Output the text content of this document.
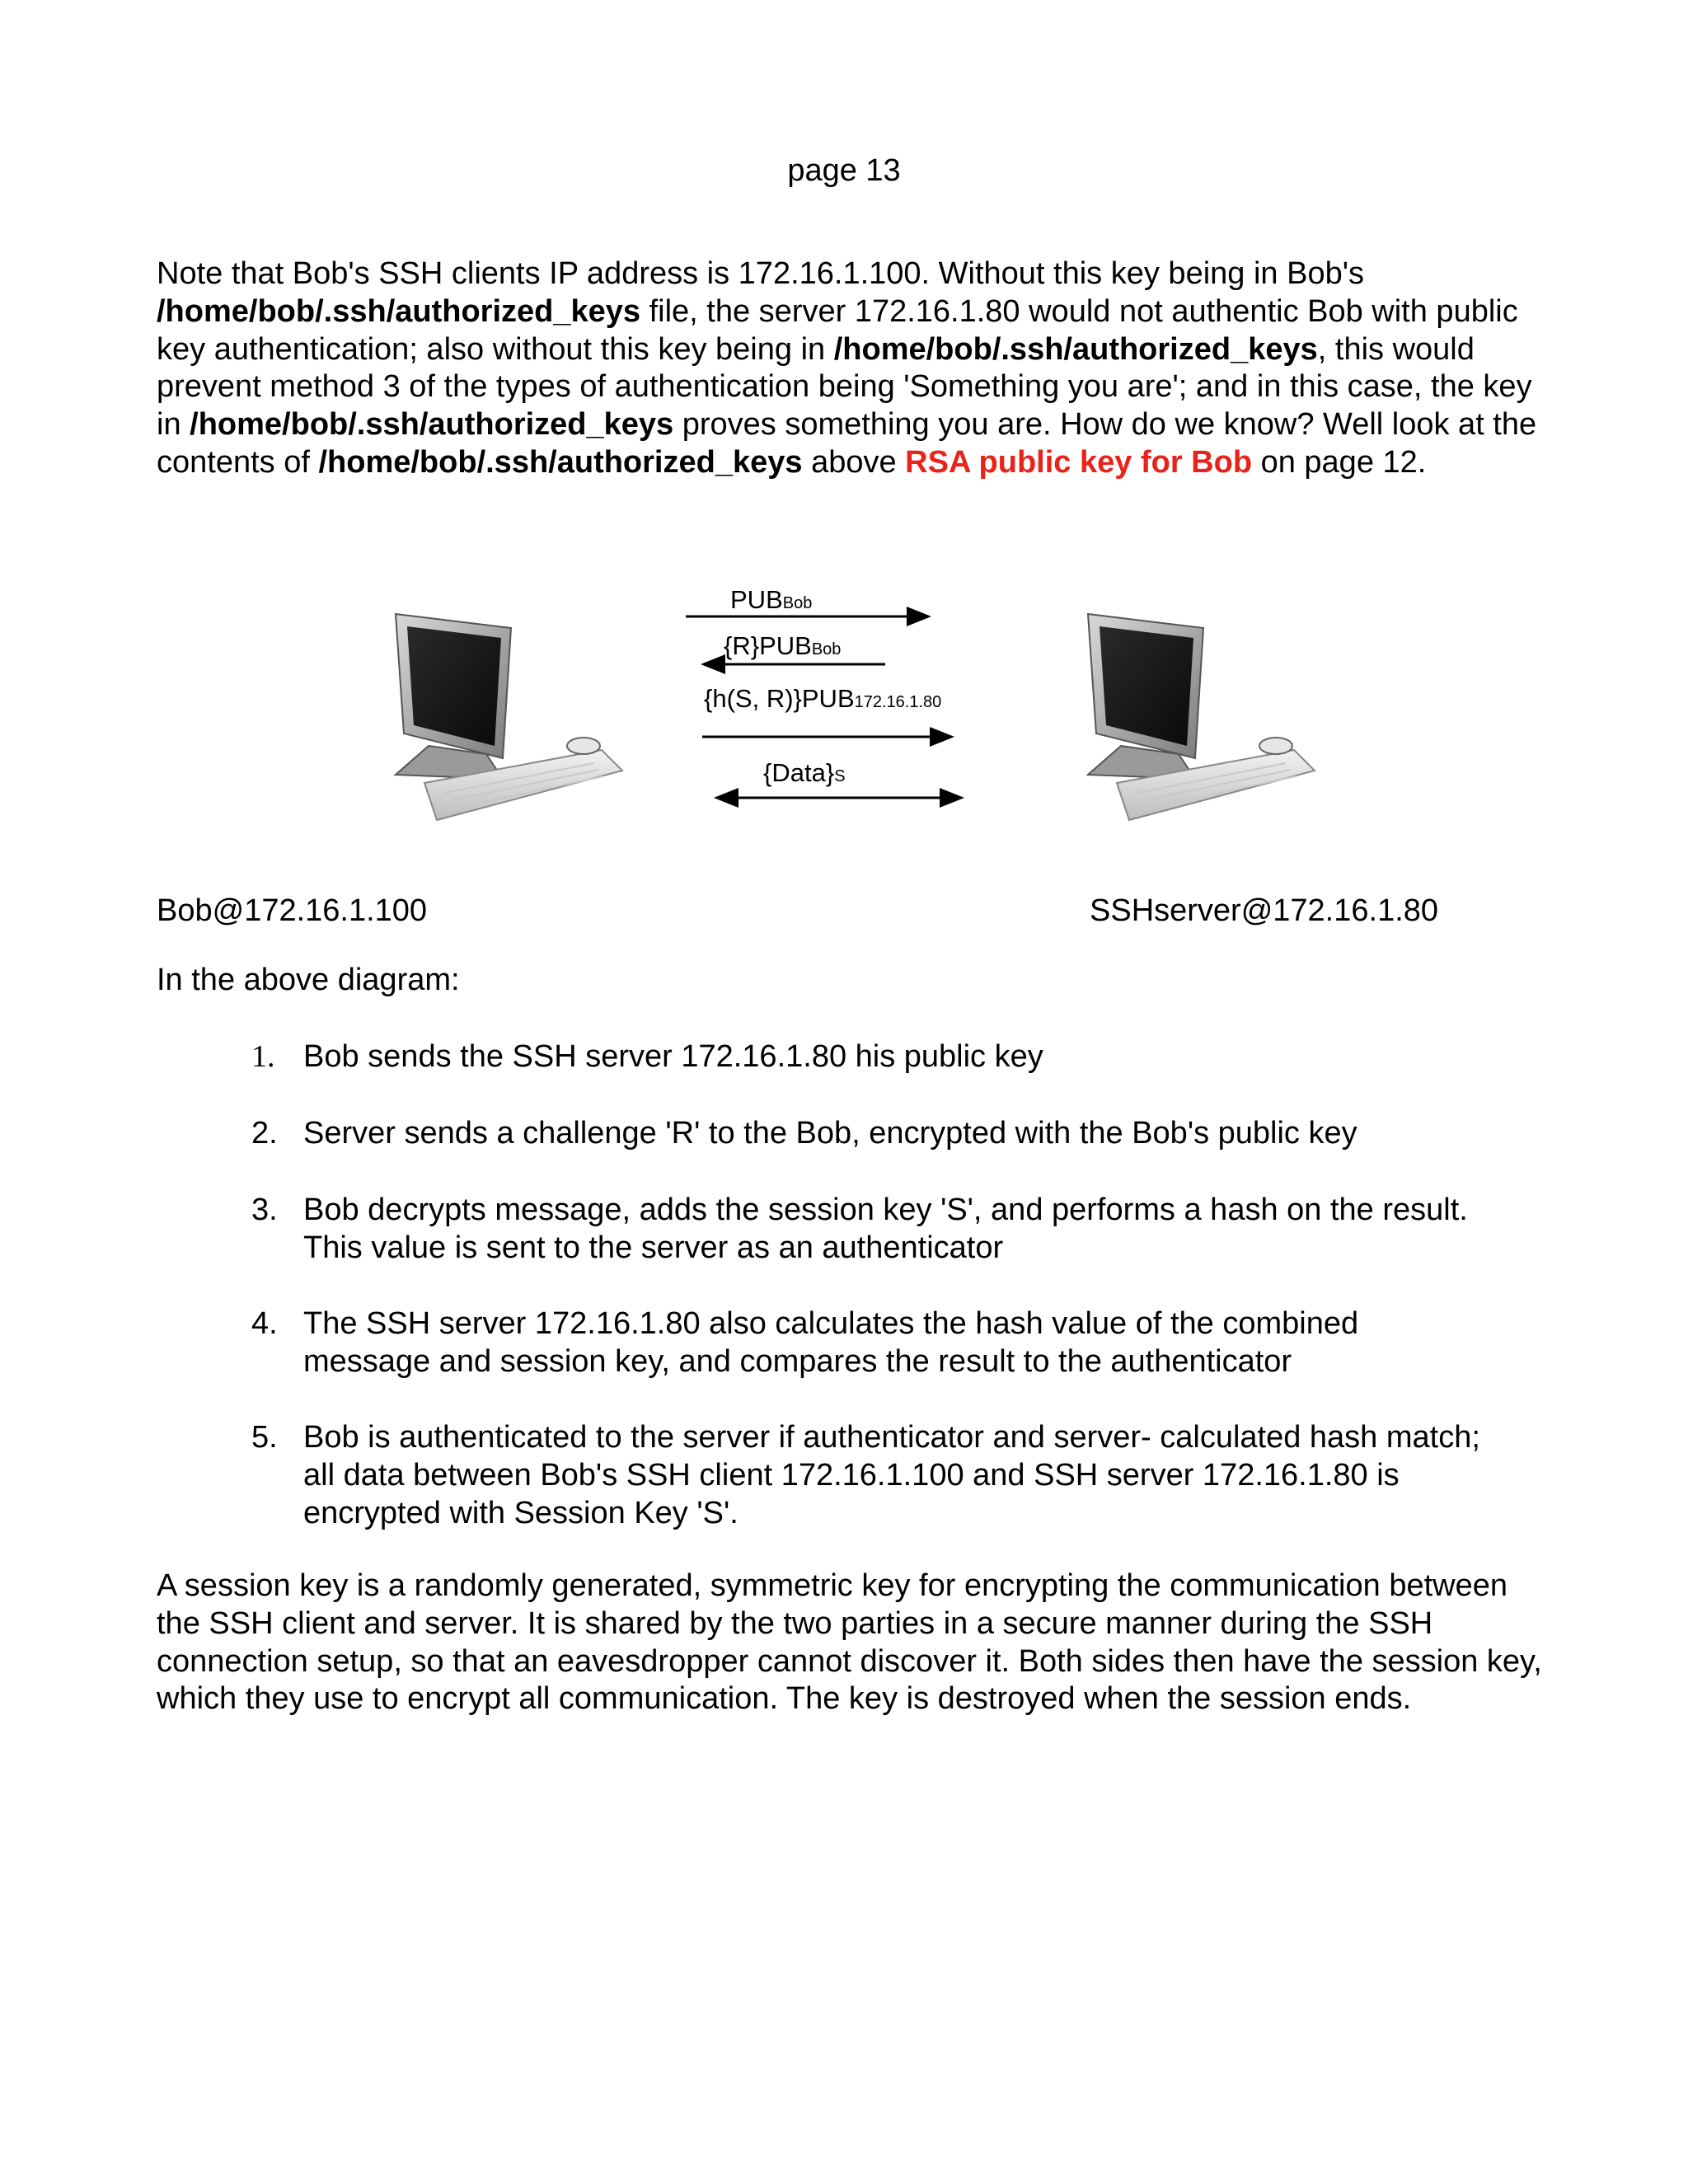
page 13
Note that Bob's SSH clients IP address is 172.16.1.100. Without this key being in Bob's /home/bob/.ssh/authorized_keys file, the server 172.16.1.80 would not authentic Bob with public key authentication; also without this key being in /home/bob/.ssh/authorized_keys, this would prevent method 3 of the types of authentication being 'Something you are'; and in this case, the key in /home/bob/.ssh/authorized_keys proves something you are. How do we know? Well look at the contents of /home/bob/.ssh/authorized_keys above RSA public key for Bob on page 12.
PUBBob
{R}PUBBob
{h(S, R)}PUB172.16.1.80
{Data}S
Bob@172.16.1.100	SSHserver@172.16.1.80
In the above diagram:
1. Bob sends the SSH server 172.16.1.80 his public key
2. Server sends a challenge 'R' to the Bob, encrypted with the Bob's public key
3. Bob decrypts message, adds the session key 'S', and performs a hash on the result. This value is sent to the server as an authenticator
4. The SSH server 172.16.1.80 also calculates the hash value of the combined message and session key, and compares the result to the authenticator
5. Bob is authenticated to the server if authenticator and server- calculated hash match; all data between Bob's SSH client 172.16.1.100 and SSH server 172.16.1.80 is encrypted with Session Key 'S'.
A session key is a randomly generated, symmetric key for encrypting the communication between the SSH client and server. It is shared by the two parties in a secure manner during the SSH connection setup, so that an eavesdropper cannot discover it. Both sides then have the session key, which they use to encrypt all communication. The key is destroyed when the session ends.
